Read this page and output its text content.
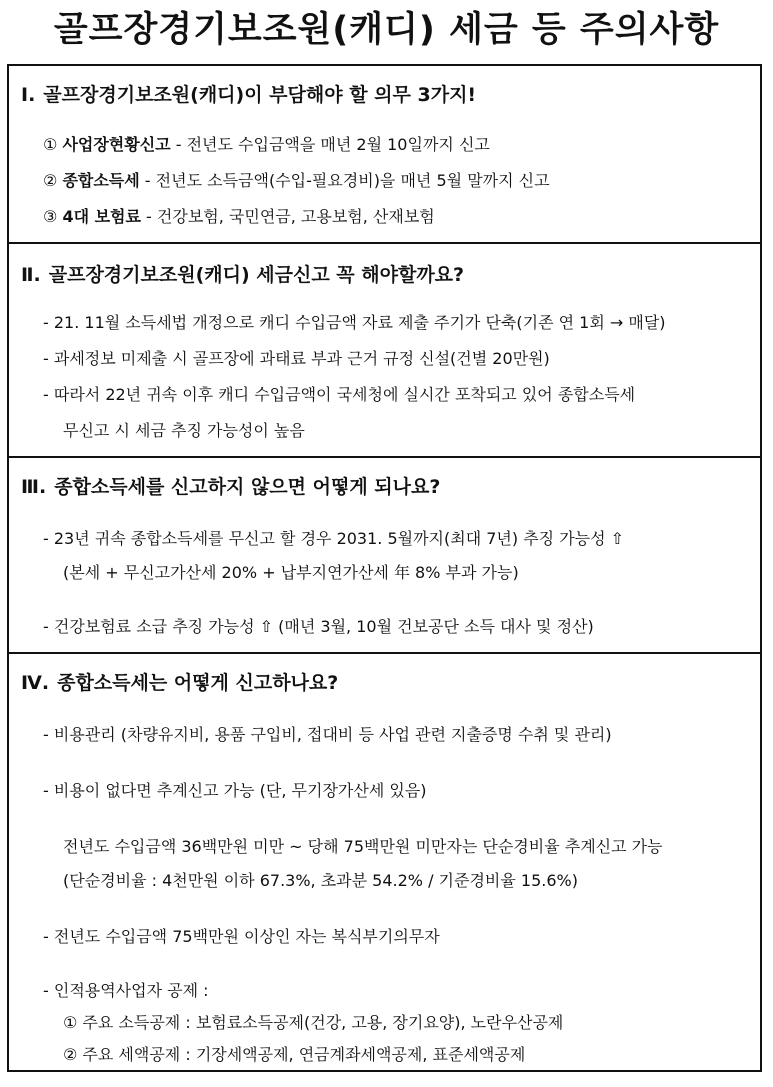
골프장경기보조원(캐디) 세금 등 주의사항
Ⅰ. 골프장경기보조원(캐디)이 부담해야 할 의무 3가지!
① 사업장현황신고 - 전년도 수입금액을 매년 2월 10일까지 신고
② 종합소득세 - 전년도 소득금액(수입-필요경비)을 매년 5월 말까지 신고
③ 4대 보험료 - 건강보험, 국민연금, 고용보험, 산재보험
Ⅱ. 골프장경기보조원(캐디) 세금신고 꼭 해야할까요?
- 21. 11월 소득세법 개정으로 캐디 수입금액 자료 제출 주기가 단축(기존 연 1회 → 매달)
- 과세정보 미제출 시 골프장에 과태료 부과 근거 규정 신설(건별 20만원)
- 따라서 22년 귀속 이후 캐디 수입금액이 국세청에 실시간 포착되고 있어 종합소득세
무신고 시 세금 추징 가능성이 높음
Ⅲ. 종합소득세를 신고하지 않으면 어떻게 되나요?
- 23년 귀속 종합소득세를 무신고 할 경우 2031. 5월까지(최대 7년) 추징 가능성 ⇧
(본세 + 무신고가산세 20% + 납부지연가산세 年 8% 부과 가능)
- 건강보험료 소급 추징 가능성 ⇧ (매년 3월, 10월 건보공단 소득 대사 및 정산)
Ⅳ. 종합소득세는 어떻게 신고하나요?
- 비용관리 (차량유지비, 용품 구입비, 접대비 등 사업 관련 지출증명 수취 및 관리)
- 비용이 없다면 추계신고 가능 (단, 무기장가산세 있음)
전년도 수입금액 36백만원 미만 ~ 당해 75백만원 미만자는 단순경비율 추계신고 가능
(단순경비율 : 4천만원 이하 67.3%, 초과분 54.2% / 기준경비율 15.6%)
- 전년도 수입금액 75백만원 이상인 자는 복식부기의무자
- 인적용역사업자 공제 :
① 주요 소득공제 : 보험료소득공제(건강, 고용, 장기요양), 노란우산공제
② 주요 세액공제 : 기장세액공제, 연금계좌세액공제, 표준세액공제
